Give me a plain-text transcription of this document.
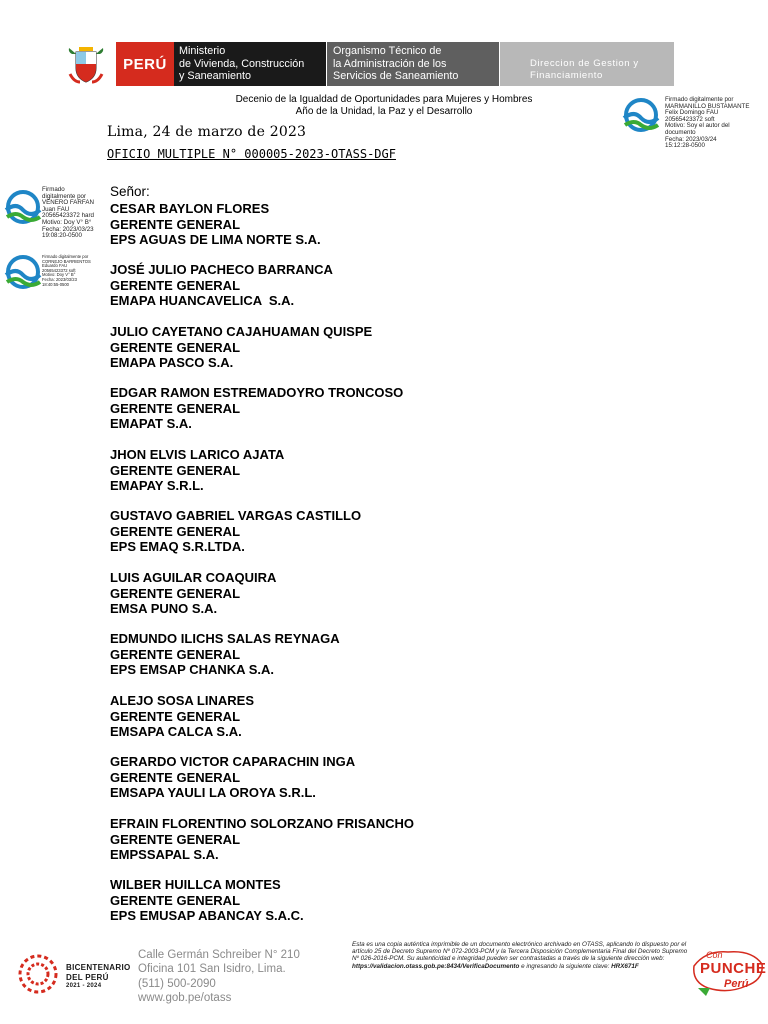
PERÚ
Ministerio
de Vivienda, Construcción
y Saneamiento
Organismo Técnico de
la Administración de los
Servicios de Saneamiento
Direccion de Gestion y
Financiamiento
Decenio de la Igualdad de Oportunidades para Mujeres y Hombres
Año de la Unidad, la Paz y el Desarrollo
Firmado digitalmente por
MARMANILLO BUSTAMANTE
Felix Domingo FAU
20565423372 soft
Motivo: Soy el autor del
documento
Fecha: 2023/03/24
15:12:28-0500
Firmado
digitalmente por
VENERO FARFAN
Juan FAU
20565423372 hard
Motivo: Doy V° B°
Fecha: 2023/03/23
19:08:20-0500
Firmado digitalmente por
CORNEJO BARRIENTOS
Eduardo FAU
20565423372 soft
Motivo: Doy V° B°
Fecha: 2023/03/23
18:40:55-0500
Lima, 24 de marzo de 2023
OFICIO MULTIPLE N° 000005-2023-OTASS-DGF
Señor:
CESAR BAYLON FLORES
GERENTE GENERAL
EPS AGUAS DE LIMA NORTE S.A.
JOSÉ JULIO PACHECO BARRANCA
GERENTE GENERAL
EMAPA HUANCAVELICA  S.A.
JULIO CAYETANO CAJAHUAMAN QUISPE
GERENTE GENERAL
EMAPA PASCO S.A.
EDGAR RAMON ESTREMADOYRO TRONCOSO
GERENTE GENERAL
EMAPAT S.A.
JHON ELVIS LARICO AJATA
GERENTE GENERAL
EMAPAY S.R.L.
GUSTAVO GABRIEL VARGAS CASTILLO
GERENTE GENERAL
EPS EMAQ S.R.LTDA.
LUIS AGUILAR COAQUIRA
GERENTE GENERAL
EMSA PUNO S.A.
EDMUNDO ILICHS SALAS REYNAGA
GERENTE GENERAL
EPS EMSAP CHANKA S.A.
ALEJO SOSA LINARES
GERENTE GENERAL
EMSAPA CALCA S.A.
GERARDO VICTOR CAPARACHIN INGA
GERENTE GENERAL
EMSAPA YAULI LA OROYA S.R.L.
EFRAIN FLORENTINO SOLORZANO FRISANCHO
GERENTE GENERAL
EMPSSAPAL S.A.
WILBER HUILLCA MONTES
GERENTE GENERAL
EPS EMUSAP ABANCAY S.A.C.
BICENTENARIO
DEL PERÚ
2021 - 2024
Calle Germán Schreiber N° 210
Oficina 101 San Isidro, Lima.
(511) 500-2090
www.gob.pe/otass
Esta es una copia auténtica imprimible de un documento electrónico archivado en OTASS, aplicando lo dispuesto por el artículo 25 de Decreto Supremo Nº 072-2003-PCM y la Tercera Disposición Complementaria Final del Decreto Supremo Nº 026-2016-PCM. Su autenticidad e integridad pueden ser contrastadas a través de la siguiente dirección web: https://validacion.otass.gob.pe:8434/VerificaDocumento e ingresando la siguiente clave: HRX671F
Con
PUNCHE
Perú
